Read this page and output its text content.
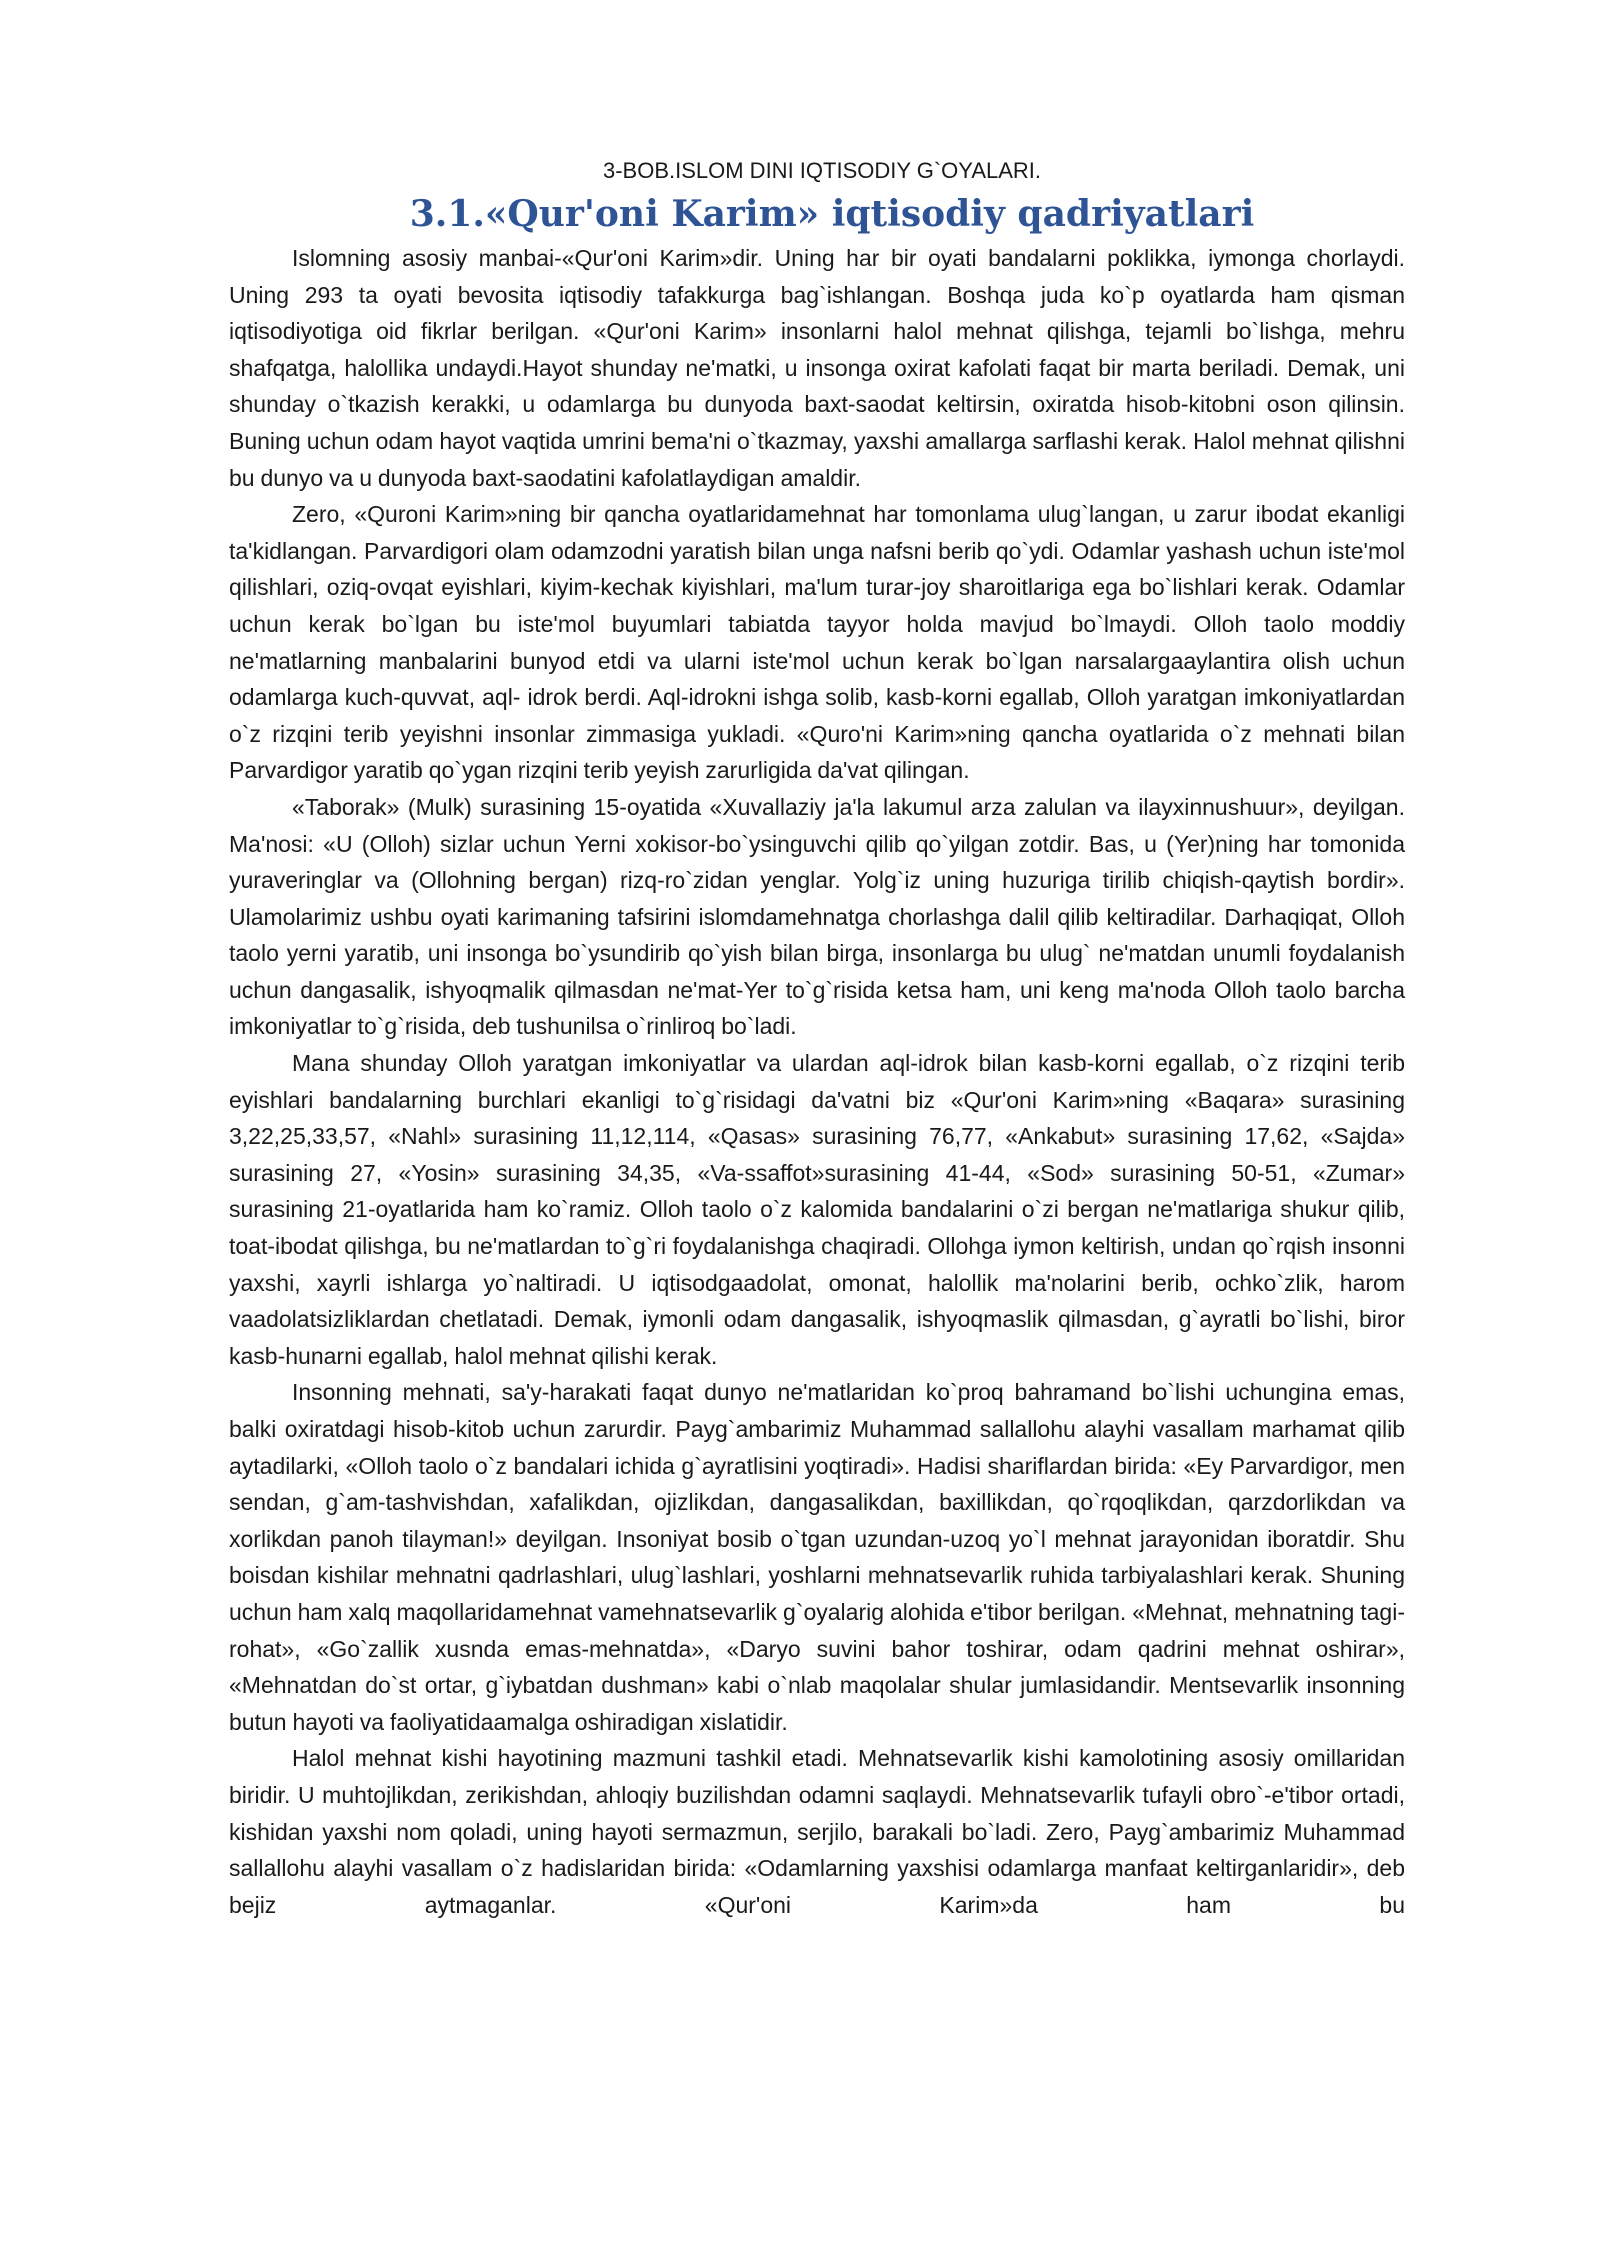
3-BOB.ISLOM DINI IQTISODIY G`OYALARI.
3.1.«Qur'oni Karim» iqtisodiy qadriyatlari

Islomning asosiy manbai-«Qur'oni Karim»dir. Uning har bir oyati bandalarni poklikka, iymonga chorlaydi. Uning 293 ta oyati bevosita iqtisodiy tafakkurga bag`ishlangan. Boshqa juda ko`p oyatlarda ham qisman iqtisodiyotiga oid fikrlar berilgan. «Qur'oni Karim» insonlarni halol mehnat qilishga, tejamli bo`lishga, mehru shafqatga, halollika undaydi.Hayot shunday ne'matki, u insonga oxirat kafolati faqat bir marta beriladi. Demak, uni shunday o`tkazish kerakki, u odamlarga bu dunyoda baxt-saodat keltirsin, oxiratda hisob-kitobni oson qilinsin. Buning uchun odam hayot vaqtida umrini bema'ni o`tkazmay, yaxshi amallarga sarflashi kerak. Halol mehnat qilishni bu dunyo va u dunyoda baxt-saodatini kafolatlaydigan amaldir.

Zero, «Quroni Karim»ning bir qancha oyatlaridamehnat har tomonlama ulug`langan, u zarur ibodat ekanligi ta'kidlangan. Parvardigori olam odamzodni yaratish bilan unga nafsni berib qo`ydi. Odamlar yashash uchun iste'mol qilishlari, oziq-ovqat eyishlari, kiyim-kechak kiyishlari, ma'lum turar-joy sharoitlariga ega bo`lishlari kerak. Odamlar uchun kerak bo`lgan bu iste'mol buyumlari tabiatda tayyor holda mavjud bo`lmaydi. Olloh taolo moddiy ne'matlarning manbalarini bunyod etdi va ularni iste'mol uchun kerak bo`lgan narsalargaaylantira olish uchun odamlarga kuch-quvvat, aql- idrok berdi. Aql-idrokni ishga solib, kasb-korni egallab, Olloh yaratgan imkoniyatlardan o`z rizqini terib yeyishni insonlar zimmasiga yukladi. «Quro'ni Karim»ning qancha oyatlarida o`z mehnati bilan Parvardigor yaratib qo`ygan rizqini terib yeyish zarurligida da'vat qilingan.

«Taborak» (Mulk) surasining 15-oyatida «Xuvallaziy ja'la lakumul arza zalulan va ilayxinnushuur», deyilgan. Ma'nosi: «U (Olloh) sizlar uchun Yerni xokisor-bo`ysinguvchi qilib qo`yilgan zotdir. Bas, u (Yer)ning har tomonida yuraveringlar va (Ollohning bergan) rizq-ro`zidan yenglar. Yolg`iz uning huzuriga tirilib chiqish-qaytish bordir». Ulamolarimiz ushbu oyati karimaning tafsirini islomdamehnatga chorlashga dalil qilib keltiradilar. Darhaqiqat, Olloh taolo yerni yaratib, uni insonga bo`ysundirib qo`yish bilan birga, insonlarga bu ulug` ne'matdan unumli foydalanish uchun dangasalik, ishyoqmalik qilmasdan ne'mat-Yer to`g`risida ketsa ham, uni keng ma'noda Olloh taolo barcha imkoniyatlar to`g`risida, deb tushunilsa o`rinliroq bo`ladi.

Mana shunday Olloh yaratgan imkoniyatlar va ulardan aql-idrok bilan kasb-korni egallab, o`z rizqini terib eyishlari bandalarning burchlari ekanligi to`g`risidagi da'vatni biz «Qur'oni Karim»ning «Baqara» surasining 3,22,25,33,57, «Nahl» surasining 11,12,114, «Qasas» surasining 76,77, «Ankabut» surasining 17,62, «Sajda» surasining 27, «Yosin» surasining 34,35, «Va-ssaffot»surasining 41-44, «Sod» surasining 50-51, «Zumar» surasining 21-oyatlarida ham ko`ramiz. Olloh taolo o`z kalomida bandalarini o`zi bergan ne'matlariga shukur qilib, toat-ibodat qilishga, bu ne'matlardan to`g`ri foydalanishga chaqiradi. Ollohga iymon keltirish, undan qo`rqish insonni yaxshi, xayrli ishlarga yo`naltiradi. U iqtisodgaadolat, omonat, halollik ma'nolarini berib, ochko`zlik, harom vaadolatsizliklardan chetlatadi. Demak, iymonli odam dangasalik, ishyoqmaslik qilmasdan, g`ayratli bo`lishi, biror kasb-hunarni egallab, halol mehnat qilishi kerak.

Insonning mehnati, sa'y-harakati faqat dunyo ne'matlaridan ko`proq bahramand bo`lishi uchungina emas, balki oxiratdagi hisob-kitob uchun zarurdir. Payg`ambarimiz Muhammad sallallohu alayhi vasallam marhamat qilib aytadilarki, «Olloh taolo o`z bandalari ichida g`ayratlisini yoqtiradi». Hadisi shariflardan birida: «Ey Parvardigor, men sendan, g`am-tashvishdan, xafalikdan, ojizlikdan, dangasalikdan, baxillikdan, qo`rqoqlikdan, qarzdorlikdan va xorlikdan panoh tilayman!» deyilgan. Insoniyat bosib o`tgan uzundan-uzoq yo`l mehnat jarayonidan iboratdir. Shu boisdan kishilar mehnatni qadrlashlari, ulug`lashlari, yoshlarni mehnatsevarlik ruhida tarbiyalashlari kerak. Shuning uchun ham xalq maqollaridamehnat vamehnatsevarlik g`oyalarig alohida e'tibor berilgan. «Mehnat, mehnatning tagi-rohat», «Go`zallik xusnda emas-mehnatda», «Daryo suvini bahor toshirar, odam qadrini mehnat oshirar», «Mehnatdan do`st ortar, g`iybatdan dushman» kabi o`nlab maqolalar shular jumlasidandir. Mentsevarlik insonning butun hayoti va faoliyatidaamalga oshiradigan xislatidir.

Halol mehnat kishi hayotining mazmuni tashkil etadi. Mehnatsevarlik kishi kamolotining asosiy omillaridan biridir. U muhtojlikdan, zerikishdan, ahloqiy buzilishdan odamni saqlaydi. Mehnatsevarlik tufayli obro`-e'tibor ortadi, kishidan yaxshi nom qoladi, uning hayoti sermazmun, serjilo, barakali bo`ladi. Zero, Payg`ambarimiz Muhammad sallallohu alayhi vasallam o`z hadislaridan birida: «Odamlarning yaxshisi odamlarga manfaat keltirganlaridir», deb bejiz aytmaganlar. «Qur'oni Karim»da ham bu
